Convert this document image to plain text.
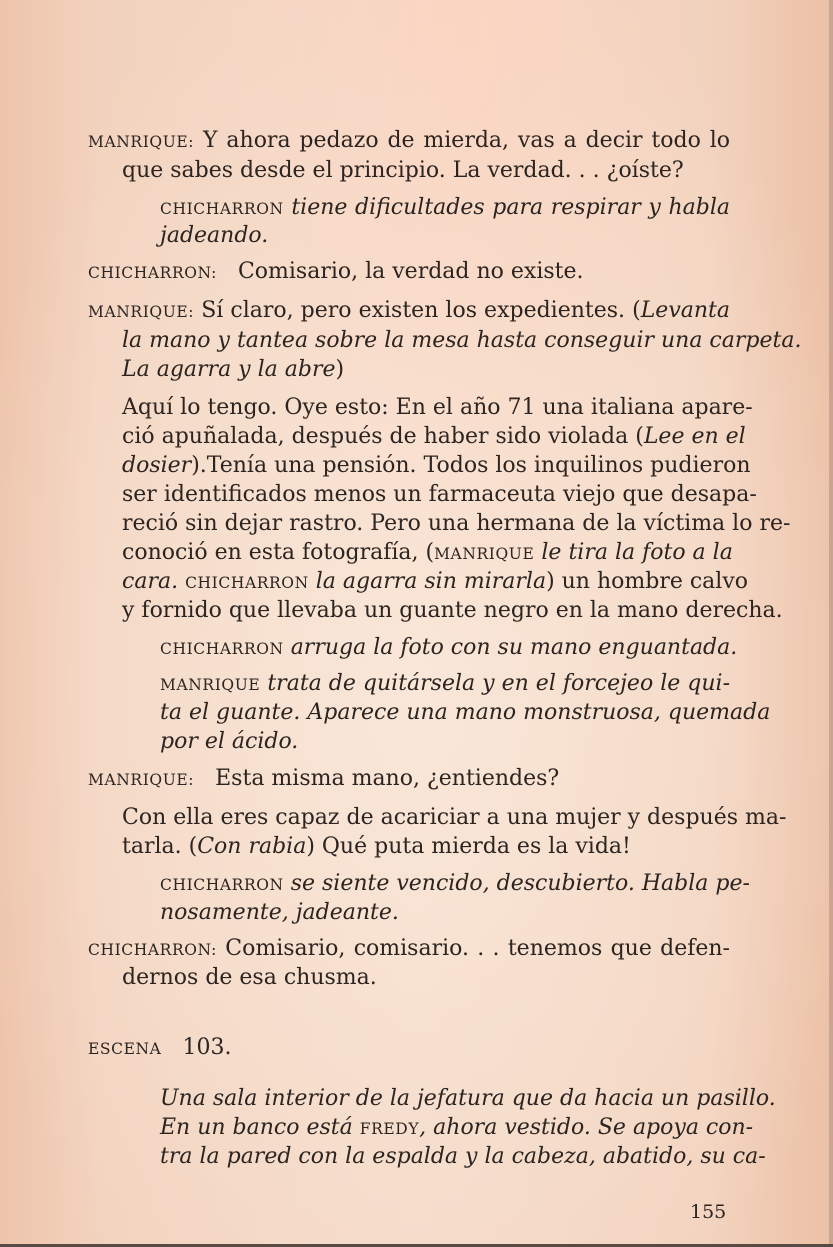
MANRIQUE: Y ahora pedazo de mierda, vas a decir todo lo
que sabes desde el principio. La verdad. . . ¿oíste?
CHICHARRON tiene dificultades para respirar y habla
jadeando.
CHICHARRON: Comisario, la verdad no existe.
MANRIQUE: Sí claro, pero existen los expedientes. (Levanta
la mano y tantea sobre la mesa hasta conseguir una carpeta.
La agarra y la abre)
Aquí lo tengo. Oye esto: En el año 71 una italiana apare-
ció apuñalada, después de haber sido violada (Lee en el
dosier).Tenía una pensión. Todos los inquilinos pudieron
ser identificados menos un farmaceuta viejo que desapa-
reció sin dejar rastro. Pero una hermana de la víctima lo re-
conoció en esta fotografía, (MANRIQUE le tira la foto a la
cara. CHICHARRON la agarra sin mirarla) un hombre calvo
y fornido que llevaba un guante negro en la mano derecha.
CHICHARRON arruga la foto con su mano enguantada.
MANRIQUE trata de quitársela y en el forcejeo le qui-
ta el guante. Aparece una mano monstruosa, quemada
por el ácido.
MANRIQUE: Esta misma mano, ¿entiendes?
Con ella eres capaz de acariciar a una mujer y después ma-
tarla. (Con rabia) Qué puta mierda es la vida!
CHICHARRON se siente vencido, descubierto. Habla pe-
nosamente, jadeante.
CHICHARRON: Comisario, comisario. . . tenemos que defen-
dernos de esa chusma.
ESCENA 103.
Una sala interior de la jefatura que da hacia un pasillo.
En un banco está FREDY, ahora vestido. Se apoya con-
tra la pared con la espalda y la cabeza, abatido, su ca-
155
